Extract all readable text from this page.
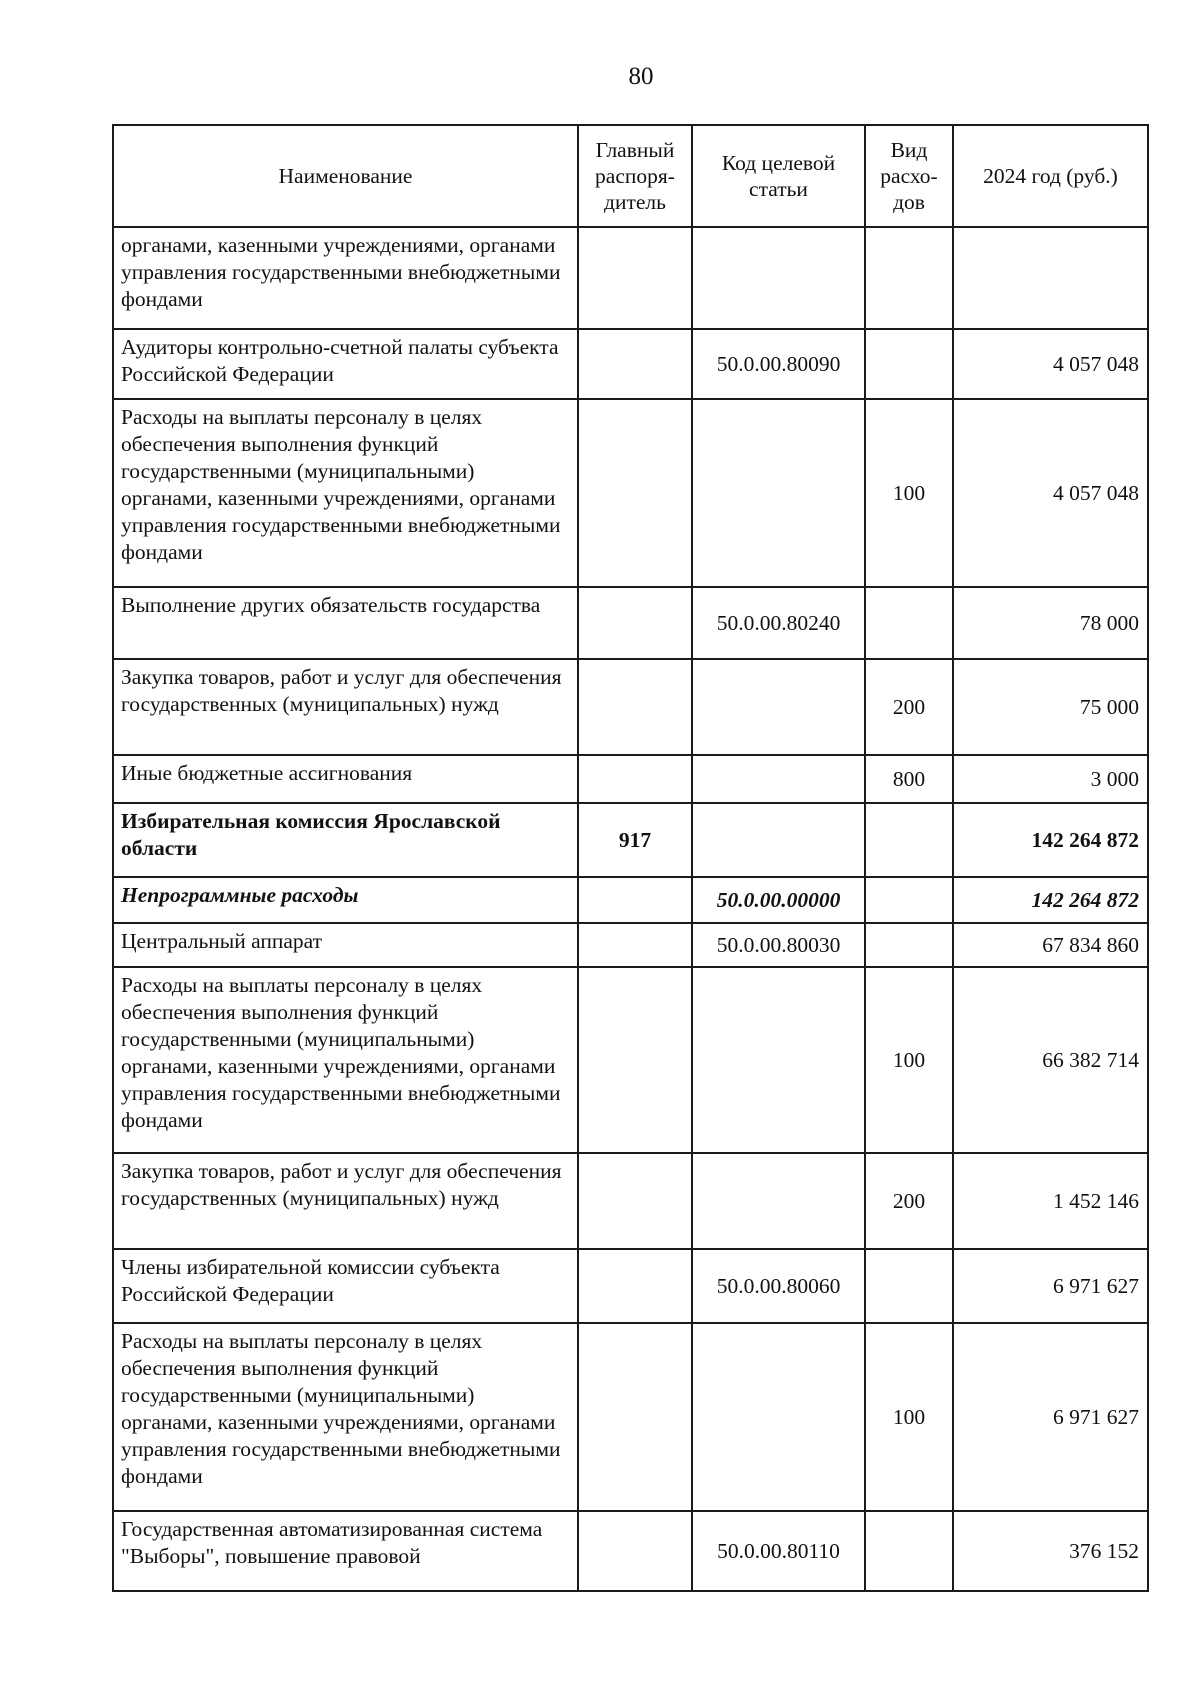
80
Наименование	Главный распоря-дитель	Код целевой статьи	Вид расхо-дов	2024 год (руб.)
органами, казенными учреждениями, органами управления государственными внебюджетными фондами				
Аудиторы контрольно-счетной палаты субъекта Российской Федерации		50.0.00.80090		4 057 048
Расходы на выплаты персоналу в целях обеспечения выполнения функций государственными (муниципальными) органами, казенными учреждениями, органами управления государственными внебюджетными фондами			100	4 057 048
Выполнение других обязательств государства		50.0.00.80240		78 000
Закупка товаров, работ и услуг для обеспечения государственных (муниципальных) нужд			200	75 000
Иные бюджетные ассигнования			800	3 000
Избирательная комиссия Ярославской области	917			142 264 872
Непрограммные расходы		50.0.00.00000		142 264 872
Центральный аппарат		50.0.00.80030		67 834 860
Расходы на выплаты персоналу в целях обеспечения выполнения функций государственными (муниципальными) органами, казенными учреждениями, органами управления государственными внебюджетными фондами			100	66 382 714
Закупка товаров, работ и услуг для обеспечения государственных (муниципальных) нужд			200	1 452 146
Члены избирательной комиссии субъекта Российской Федерации		50.0.00.80060		6 971 627
Расходы на выплаты персоналу в целях обеспечения выполнения функций государственными (муниципальными) органами, казенными учреждениями, органами управления государственными внебюджетными фондами			100	6 971 627
Государственная автоматизированная система "Выборы", повышение правовой		50.0.00.80110		376 152
